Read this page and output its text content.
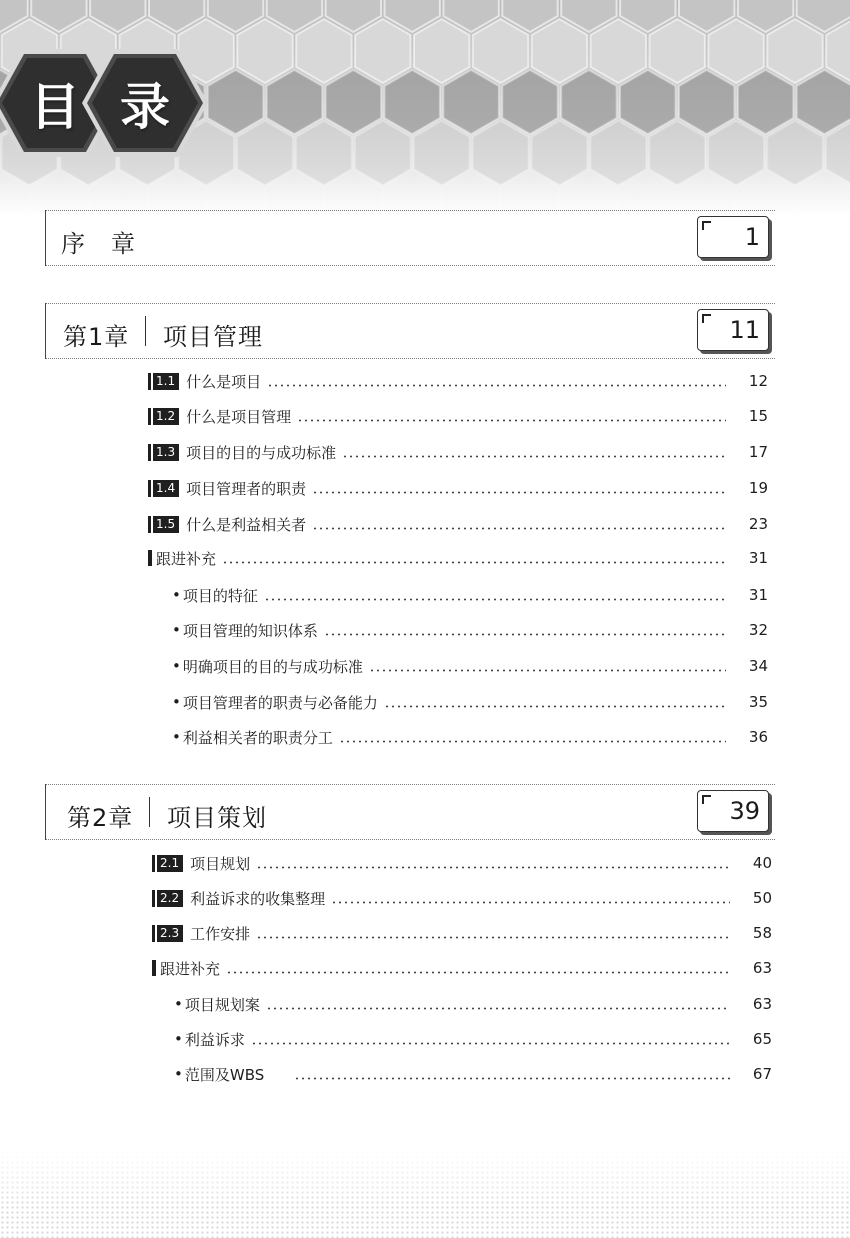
目 录
序　章	1
第1章 项目管理	11
1.1 什么是项目	12
1.2 什么是项目管理	15
1.3 项目的目的与成功标准	17
1.4 项目管理者的职责	19
1.5 什么是利益相关者	23
跟进补充	31
• 项目的特征	31
• 项目管理的知识体系	32
• 明确项目的目的与成功标准	34
• 项目管理者的职责与必备能力	35
• 利益相关者的职责分工	36
第2章 项目策划	39
2.1 项目规划	40
2.2 利益诉求的收集整理	50
2.3 工作安排	58
跟进补充	63
• 项目规划案	63
• 利益诉求	65
• 范围及WBS	67
